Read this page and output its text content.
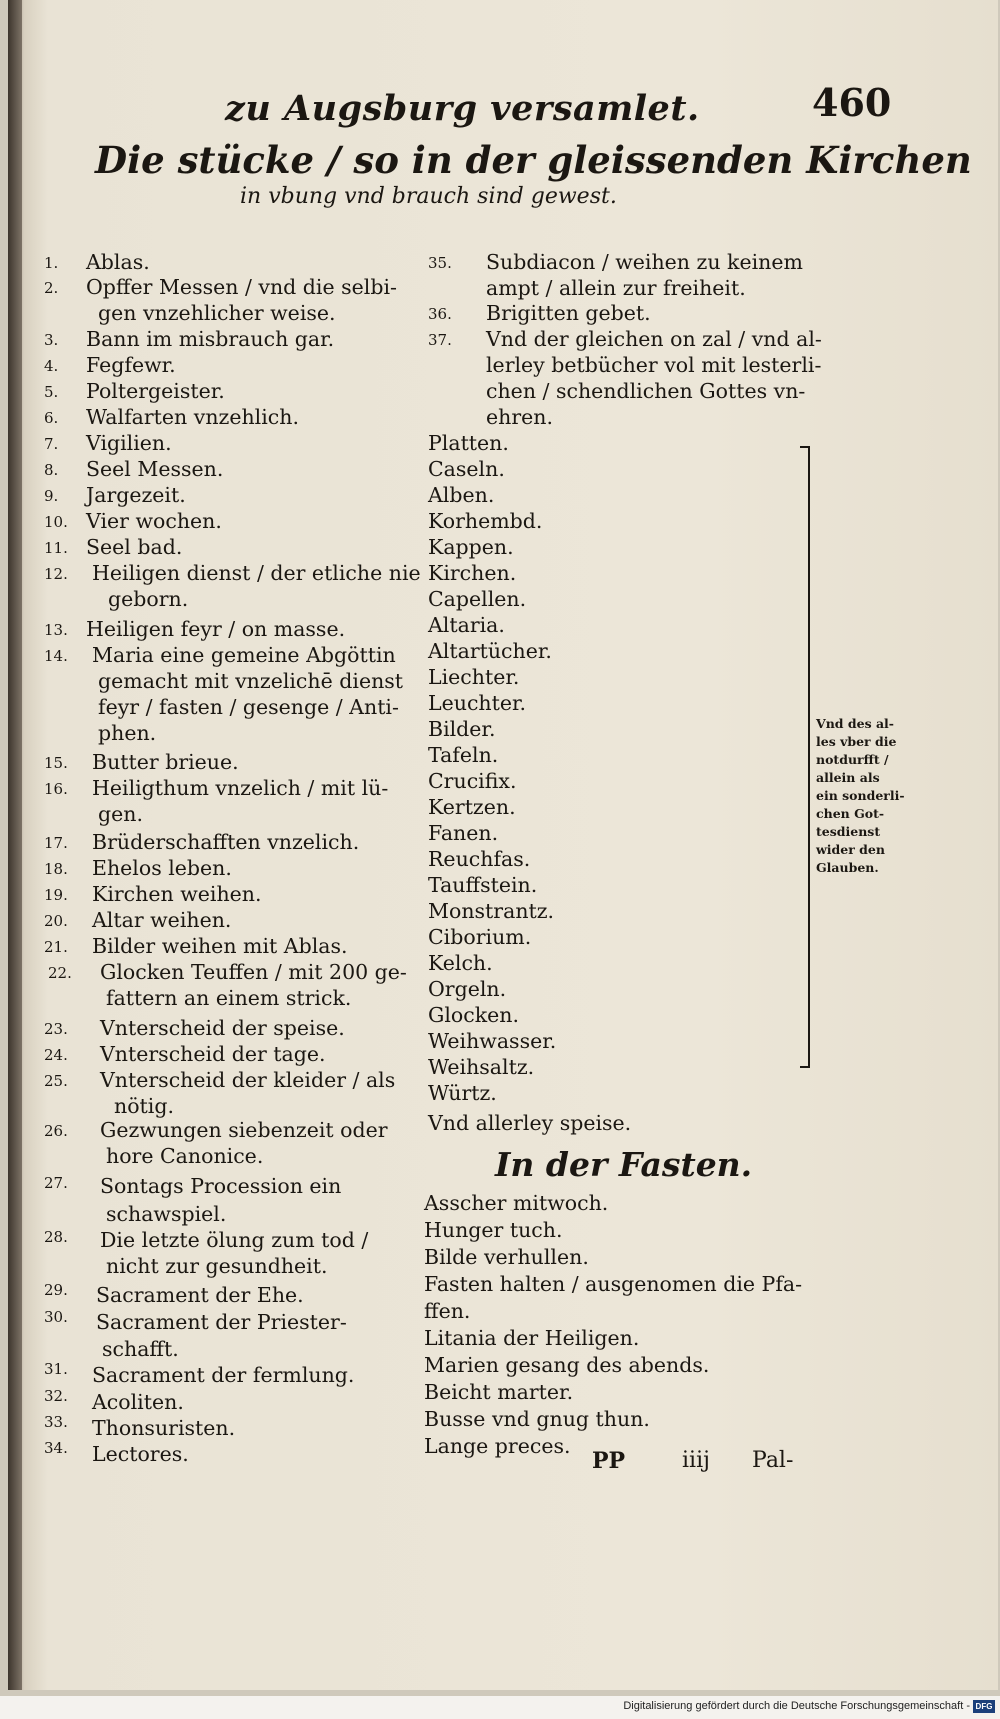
zu Augsburg versamlet.	460
Die stücke / so in der gleissenden Kirchen
in vbung vnd brauch sind gewest.
1. Ablas.
2. Opffer Messen / vnd die selbi-
gen vnzehlicher weise.
3. Bann im misbrauch gar.
4. Fegfewr.
5. Poltergeister.
6. Walfarten vnzehlich.
7. Vigilien.
8. Seel Messen.
9. Jargezeit.
10. Vier wochen.
11. Seel bad.
12. Heiligen dienst / der etliche nie
geborn.
13. Heiligen feyr / on masse.
14. Maria eine gemeine Abgöttin
gemacht mit vnzelichē dienst
feyr / fasten / gesenge / Anti-
phen.
15. Butter brieue.
16. Heiligthum vnzelich / mit lü-
gen.
17. Brüderschafften vnzelich.
18. Ehelos leben.
19. Kirchen weihen.
20. Altar weihen.
21. Bilder weihen mit Ablas.
22. Glocken Teuffen / mit 200 ge-
fattern an einem strick.
23. Vnterscheid der speise.
24. Vnterscheid der tage.
25. Vnterscheid der kleider / als
nötig.
26. Gezwungen siebenzeit oder
hore Canonice.
27. Sontags Procession ein
schawspiel.
28. Die letzte ölung zum tod /
nicht zur gesundheit.
29. Sacrament der Ehe.
30. Sacrament der Priester-
schafft.
31. Sacrament der fermlung.
32. Acoliten.
33. Thonsuristen.
34. Lectores.
35. Subdiacon / weihen zu keinem
ampt / allein zur freiheit.
36. Brigitten gebet.
37. Vnd der gleichen on zal / vnd al-
lerley betbücher vol mit lesterli-
chen / schendlichen Gottes vn-
ehren.
Platten.
Caseln.
Alben.
Korhembd.
Kappen.
Kirchen.
Capellen.
Altaria.
Altartücher.
Liechter.
Leuchter.
Bilder.
Tafeln.
Crucifix.
Kertzen.
Fanen.
Reuchfas.
Tauffstein.
Monstrantz.
Ciborium.
Kelch.
Orgeln.
Glocken.
Weihwasser.
Weihsaltz.
Würtz.
Vnd allerley speise.
Vnd des al-
les vber die
notdurfft /
allein als
ein sonderli-
chen Got-
tesdienst
wider den
Glauben.
In der Fasten.
Asscher mitwoch.
Hunger tuch.
Bilde verhullen.
Fasten halten / ausgenomen die Pfa-
ffen.
Litania der Heiligen.
Marien gesang des abends.
Beicht marter.
Busse vnd gnug thun.
Lange preces.
PP	iiij Pal-
Digitalisierung gefördert durch die Deutsche Forschungsgemeinschaft - DFG
